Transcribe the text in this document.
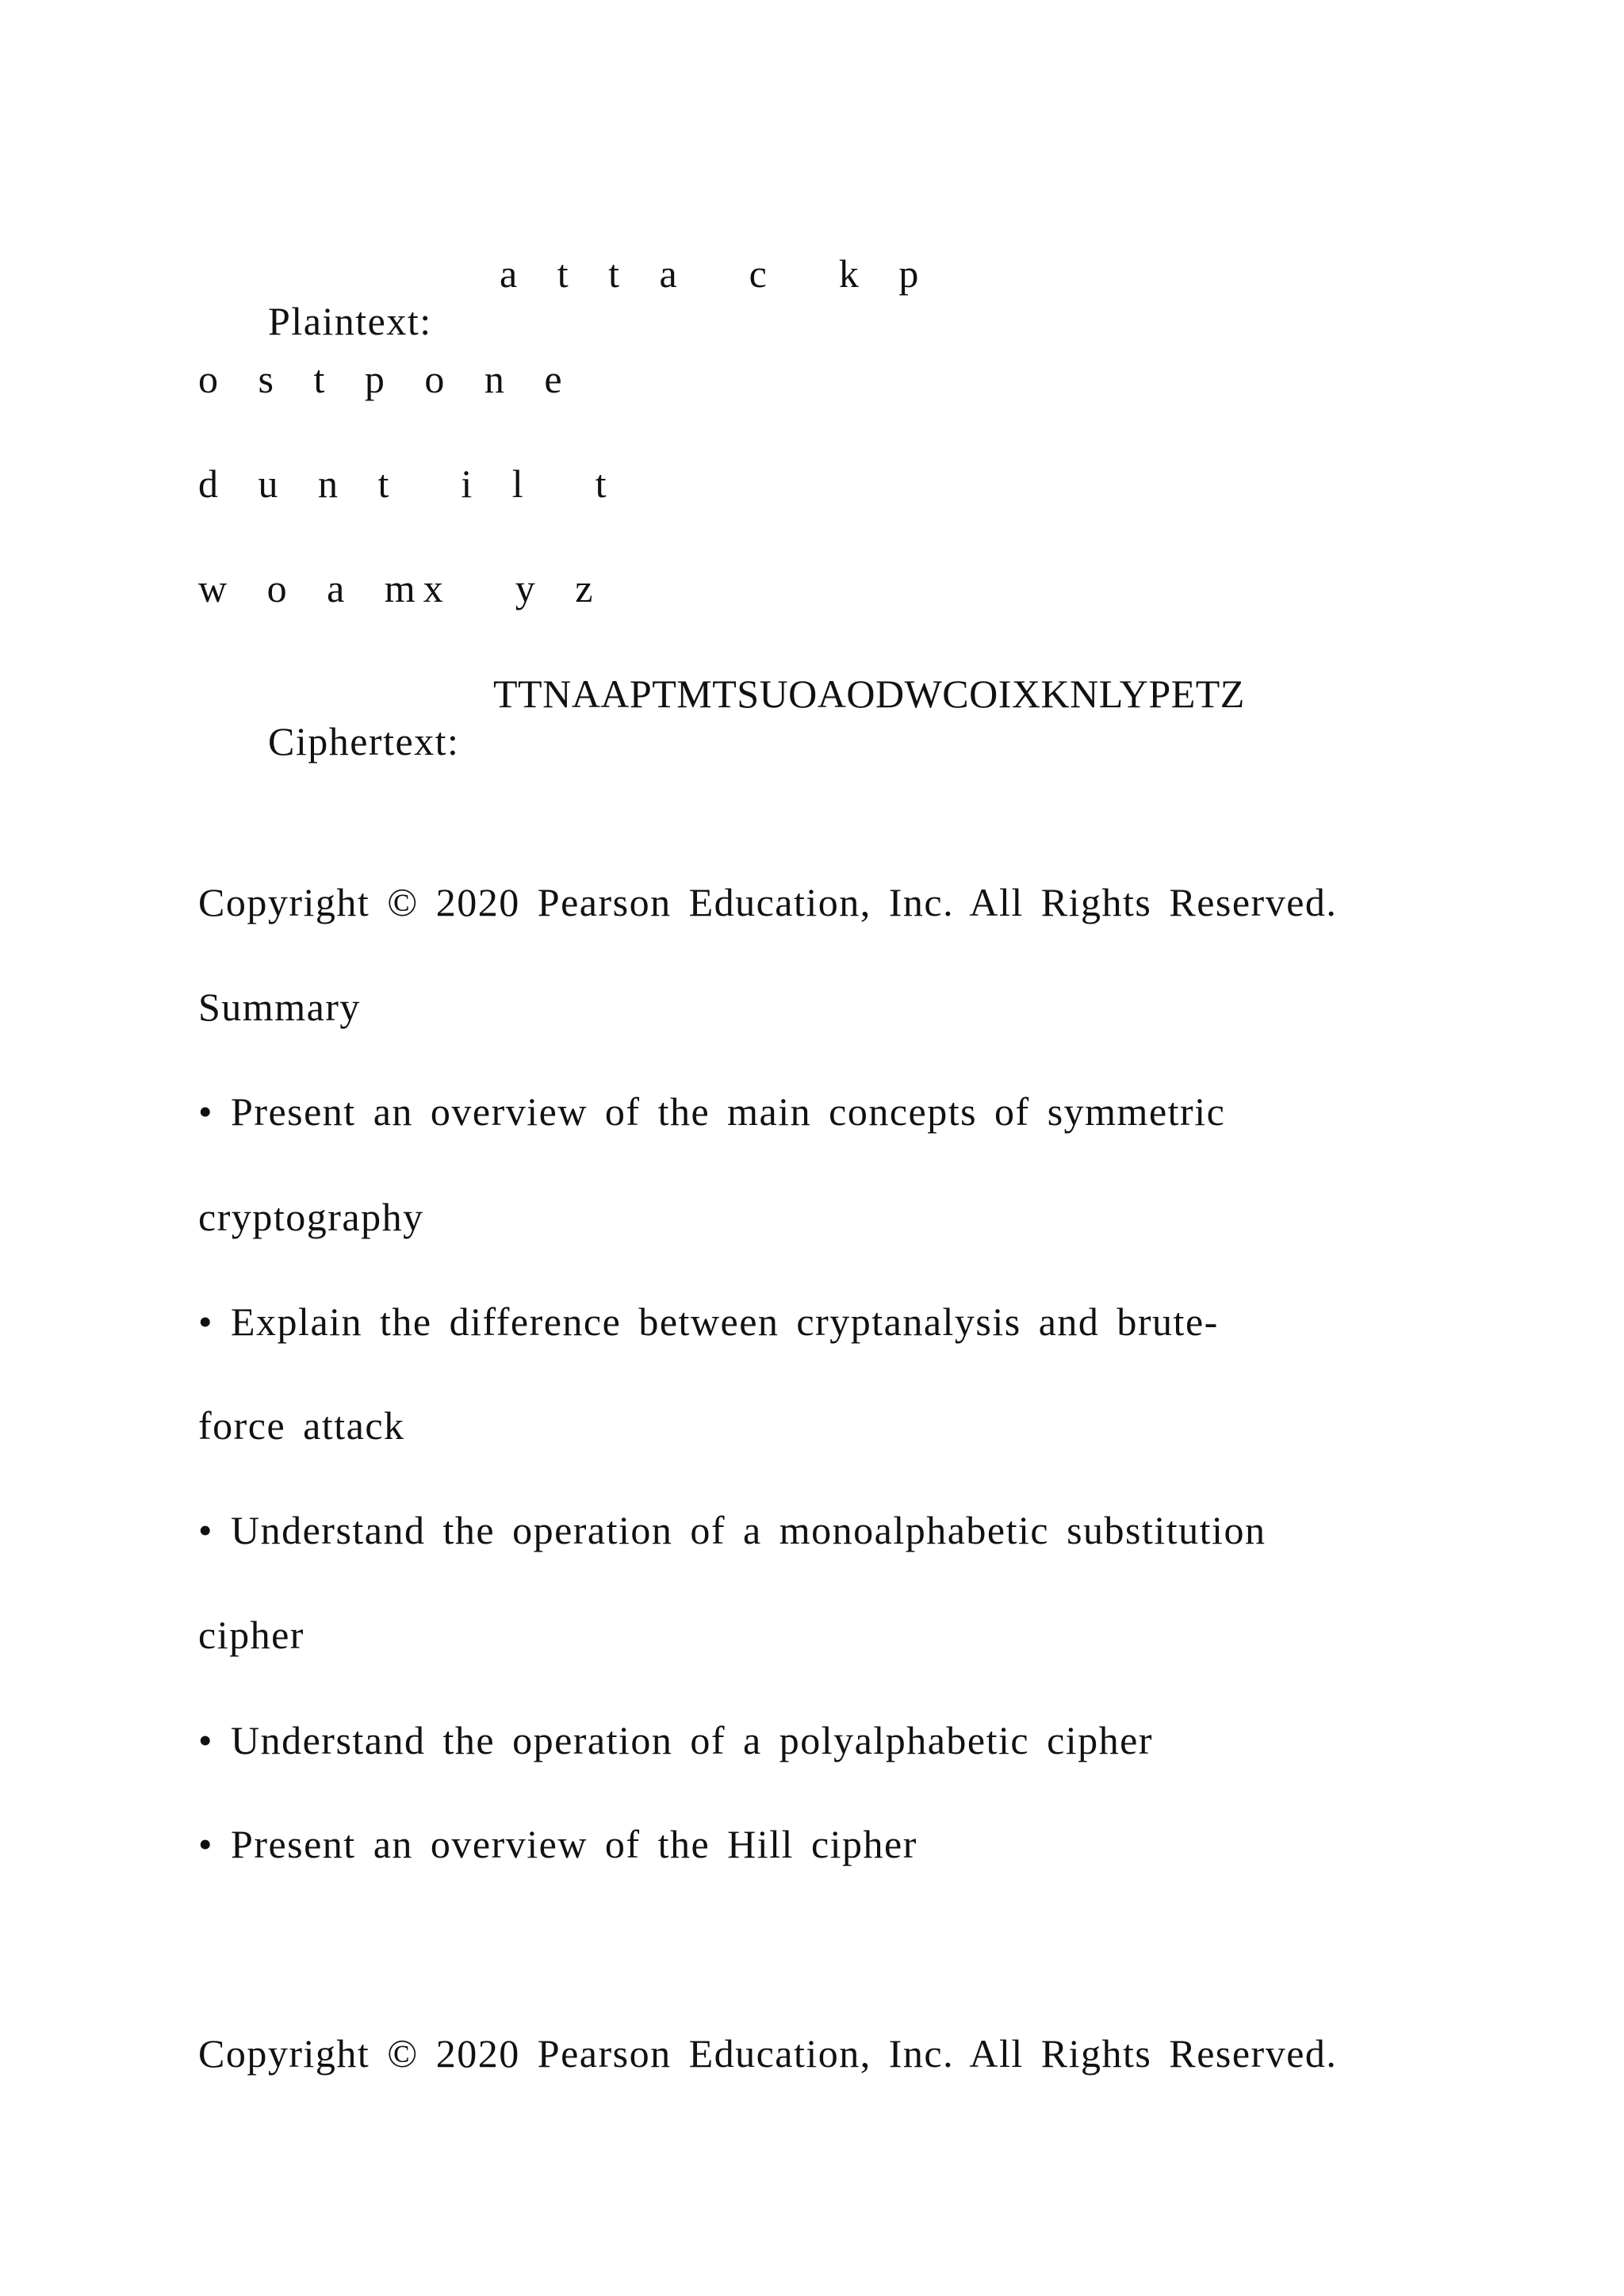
Plaintext:

a t t a  c  k p

o s t p o n e
d u n t  i l  t
w o a mx  y z

Ciphertext:

TTNAAPTMTSUOAODWCOIXKNLYPETZ

Copyright © 2020 Pearson Education, Inc. All Rights Reserved.
Summary
• Present an overview of the main concepts of symmetric
cryptography
• Explain the difference between cryptanalysis and brute-
force attack
• Understand the operation of a monoalphabetic substitution
cipher
• Understand the operation of a polyalphabetic cipher
• Present an overview of the Hill cipher
Copyright © 2020 Pearson Education, Inc. All Rights Reserved.
